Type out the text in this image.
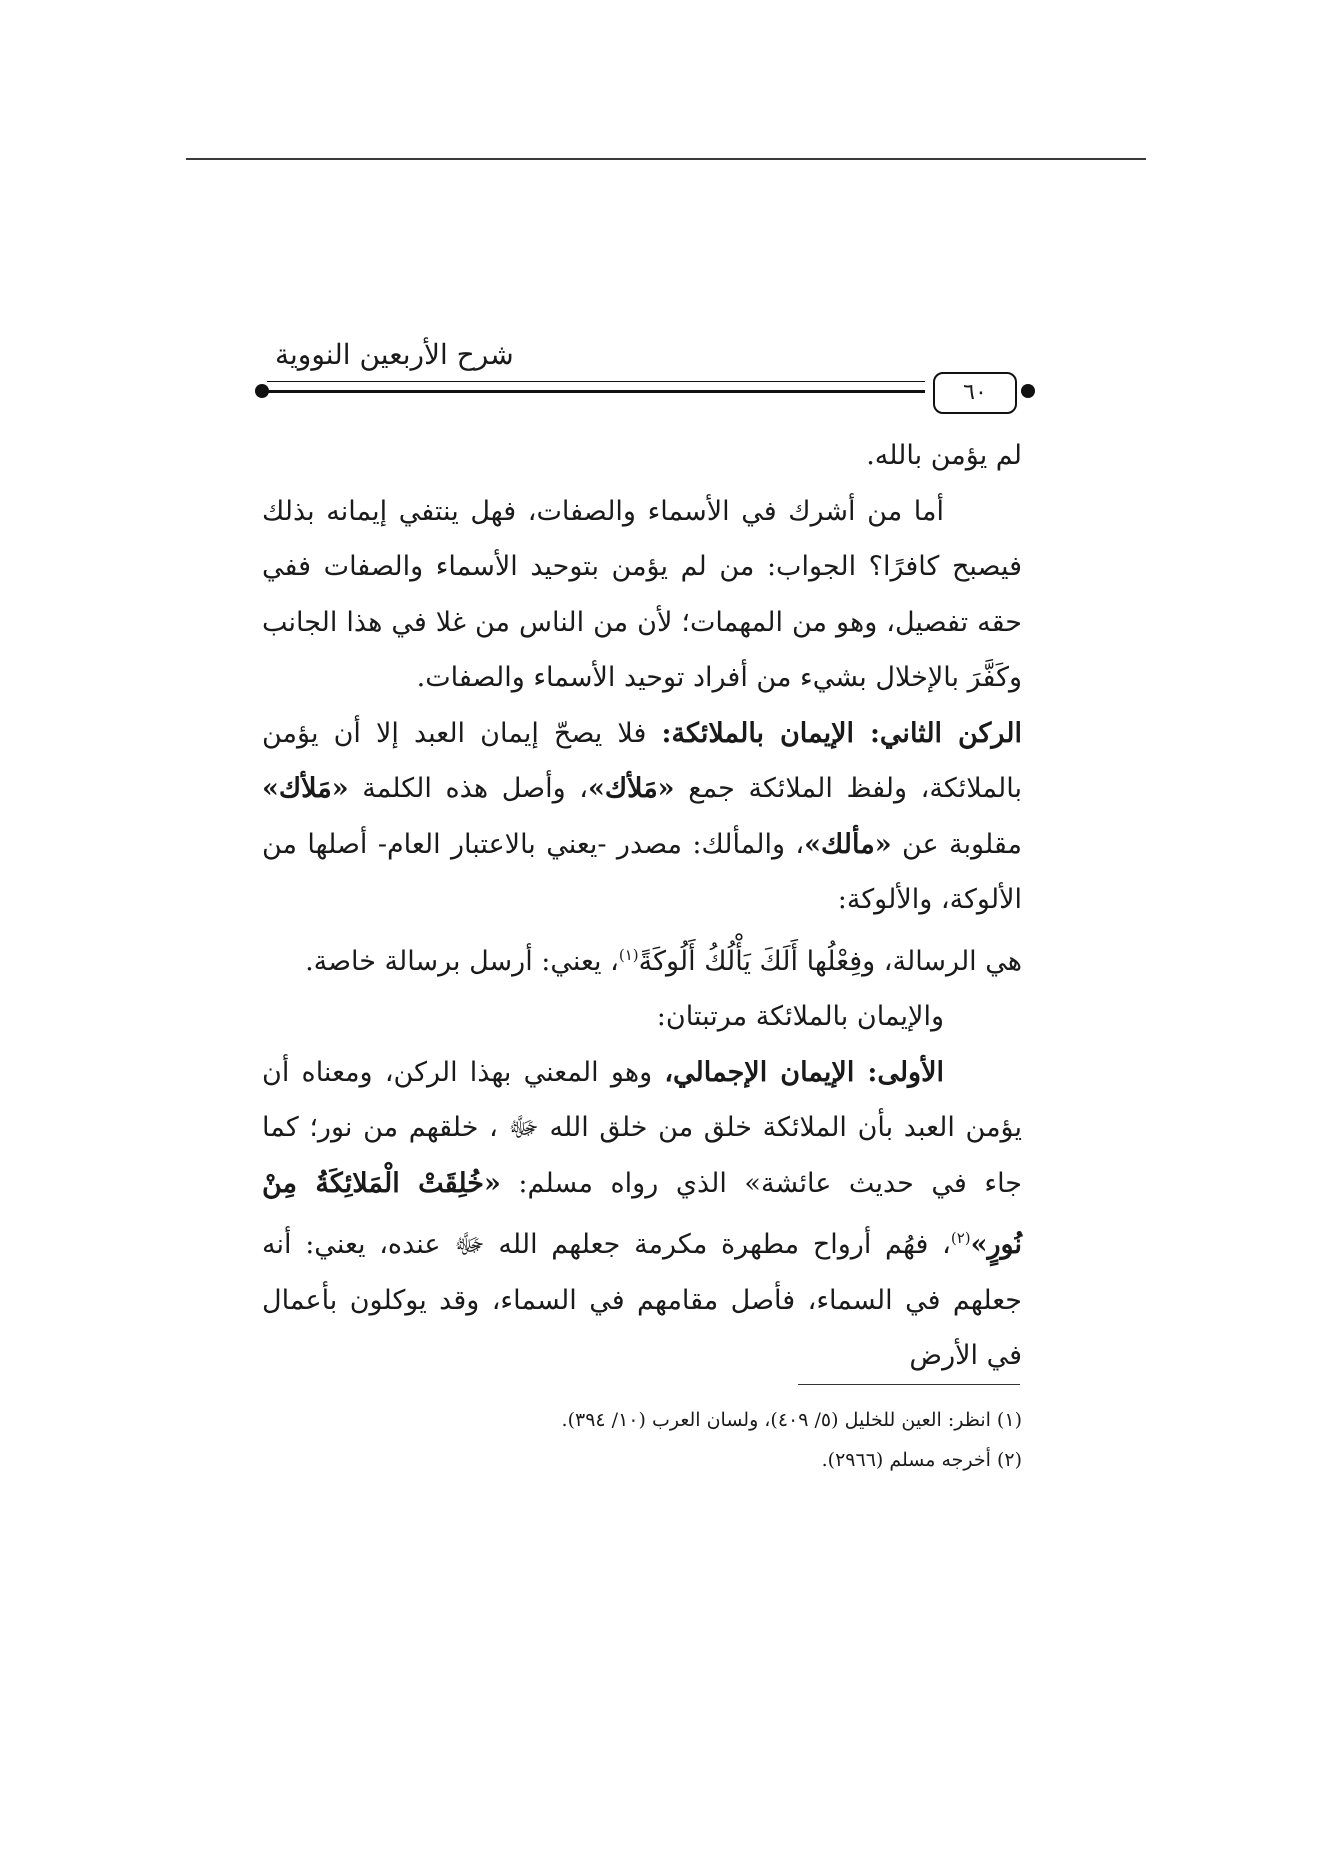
شرح الأربعين النووية
٦٠

لم يؤمن بالله.

أما من أشرك في الأسماء والصفات، فهل ينتفي إيمانه بذلك فيصبح كافرًا؟ الجواب: من لم يؤمن بتوحيد الأسماء والصفات ففي حقه تفصيل، وهو من المهمات؛ لأن من الناس من غلا في هذا الجانب وكَفَّرَ بالإخلال بشيء من أفراد توحيد الأسماء والصفات.

الركن الثاني: الإيمان بالملائكة: فلا يصحّ إيمان العبد إلا أن يؤمن بالملائكة، ولفظ الملائكة جمع «مَلأك»، وأصل هذه الكلمة «مَلأك» مقلوبة عن «مألك»، والمألك: مصدر -يعني بالاعتبار العام- أصلها من الألوكة، والألوكة:

هي الرسالة، وفِعْلُها أَلَكَ يَأْلُكُ أَلُوكَةً$^{(١)}$، يعني: أرسل برسالة خاصة.

والإيمان بالملائكة مرتبتان:

الأولى: الإيمان الإجمالي، وهو المعني بهذا الركن، ومعناه أن يؤمن العبد بأن الملائكة خلق من خلق الله ﷻ ، خلقهم من نور؛ كما جاء في حديث عائشة» الذي رواه مسلم: «خُلِقَتْ الْمَلائِكَةُ مِنْ نُورٍ»$^{(٢)}$، فهُم أرواح مطهرة مكرمة جعلهم الله ﷻ عنده، يعني: أنه جعلهم في السماء، فأصل مقامهم في السماء، وقد يوكلون بأعمال في الأرض

(١) انظر: العين للخليل (٥/ ٤٠٩)، ولسان العرب (١٠/ ٣٩٤).

(٢) أخرجه مسلم (٢٩٦٦).
